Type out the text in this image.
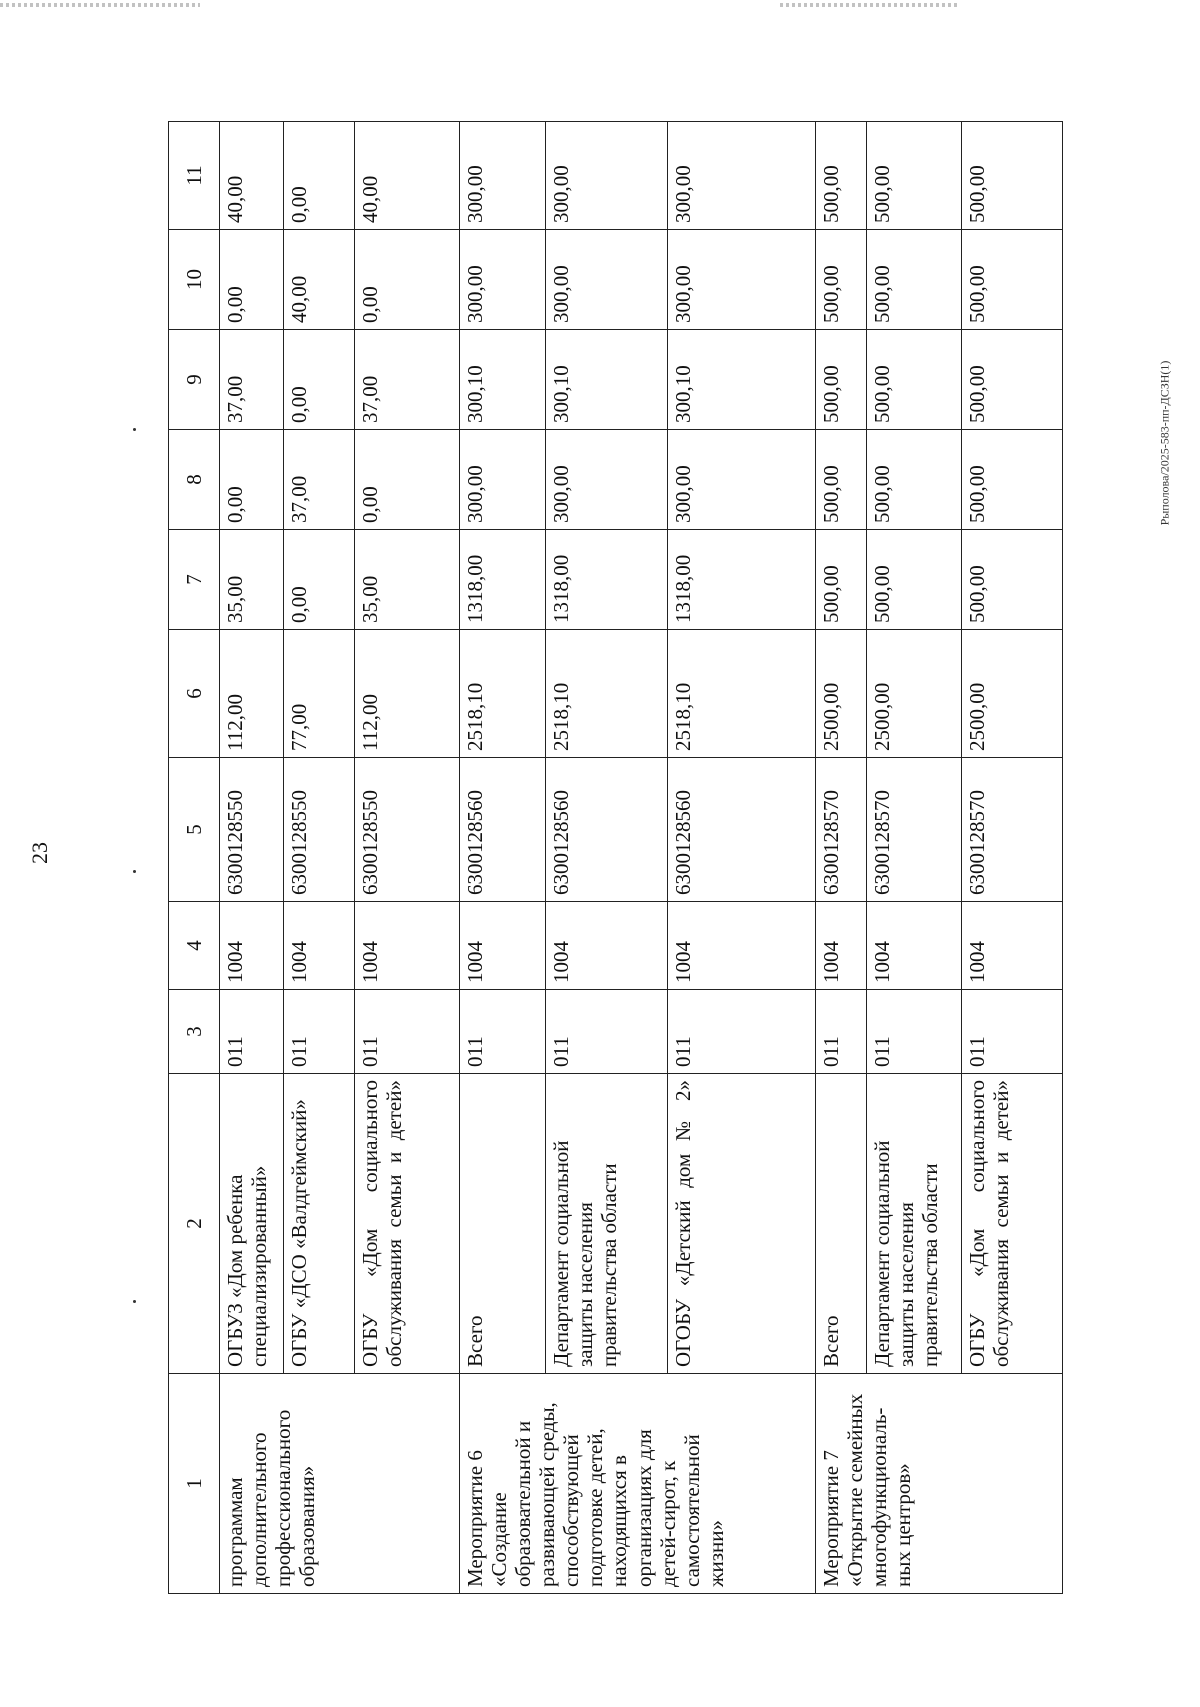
23
Рыполова/2025-583-пп-ДСЗН(1)
1	2	3	4	5	6	7	8	9	10	11
программам дополнительного профессионального образования»	ОГБУЗ «Дом ребенка специализированный»	011	1004	6300128550	112,00	35,00	0,00	37,00	0,00	40,00
	ОГБУ «ДСО «Валдгеймский»	011	1004	6300128550	77,00	0,00	37,00	0,00	40,00	0,00
	ОГБУ «Дом социального обслуживания семьи и детей»	011	1004	6300128550	112,00	35,00	0,00	37,00	0,00	40,00
Мероприятие 6 «Создание образовательной и развивающей среды, способствующей подготовке детей, находящихся в организациях для детей-сирот, к самостоятельной жизни»	Всего	011	1004	6300128560	2518,10	1318,00	300,00	300,10	300,00	300,00
	Департамент социальной защиты населения правительства области	011	1004	6300128560	2518,10	1318,00	300,00	300,10	300,00	300,00
	ОГОБУ «Детский дом № 2»	011	1004	6300128560	2518,10	1318,00	300,00	300,10	300,00	300,00
Мероприятие 7 «Открытие семейных многофункциональ-ных центров»	Всего	011	1004	6300128570	2500,00	500,00	500,00	500,00	500,00	500,00
	Департамент социальной защиты населения правительства области	011	1004	6300128570	2500,00	500,00	500,00	500,00	500,00	500,00
	ОГБУ «Дом социального обслуживания семьи и детей»	011	1004	6300128570	2500,00	500,00	500,00	500,00	500,00	500,00
